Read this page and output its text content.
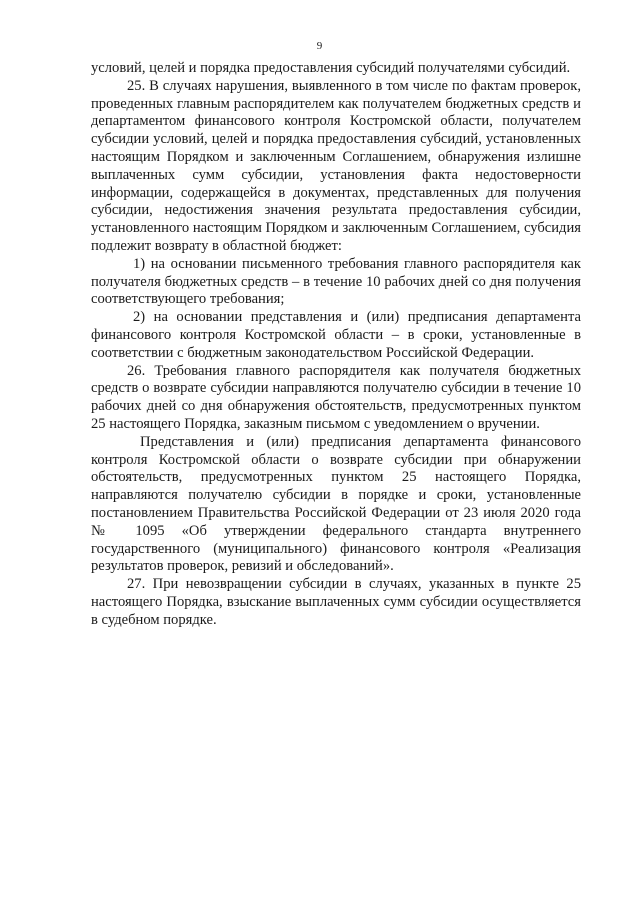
9

условий, целей и порядка предоставления субсидий получателями субсидий.

25. В случаях нарушения, выявленного в том числе по фактам проверок, проведенных главным распорядителем как получателем бюджетных средств и департаментом финансового контроля Костромской области, получателем субсидии условий, целей и порядка предоставления субсидий, установленных настоящим Порядком и заключенным Соглашением, обнаружения излишне выплаченных сумм субсидии, установления факта недостоверности информации, содержащейся в документах, представленных для получения субсидии, недостижения значения результата предоставления субсидии, установленного настоящим Порядком и заключенным Соглашением, субсидия подлежит возврату в областной бюджет:

1) на основании письменного требования главного распорядителя как получателя бюджетных средств – в течение 10 рабочих дней со дня получения соответствующего требования;

2) на основании представления и (или) предписания департамента финансового контроля Костромской области – в сроки, установленные в соответствии с бюджетным законодательством Российской Федерации.

26. Требования главного распорядителя как получателя бюджетных средств о возврате субсидии направляются получателю субсидии в течение 10 рабочих дней со дня обнаружения обстоятельств, предусмотренных пунктом 25 настоящего Порядка, заказным письмом с уведомлением о вручении.

Представления и (или) предписания департамента финансового контроля Костромской области о возврате субсидии при обнаружении обстоятельств, предусмотренных пунктом 25 настоящего Порядка, направляются получателю субсидии в порядке и сроки, установленные постановлением Правительства Российской Федерации от 23 июля 2020 года № 1095 «Об утверждении федерального стандарта внутреннего государственного (муниципального) финансового контроля «Реализация результатов проверок, ревизий и обследований».

27. При невозвращении субсидии в случаях, указанных в пункте 25 настоящего Порядка, взыскание выплаченных сумм субсидии осуществляется в судебном порядке.
